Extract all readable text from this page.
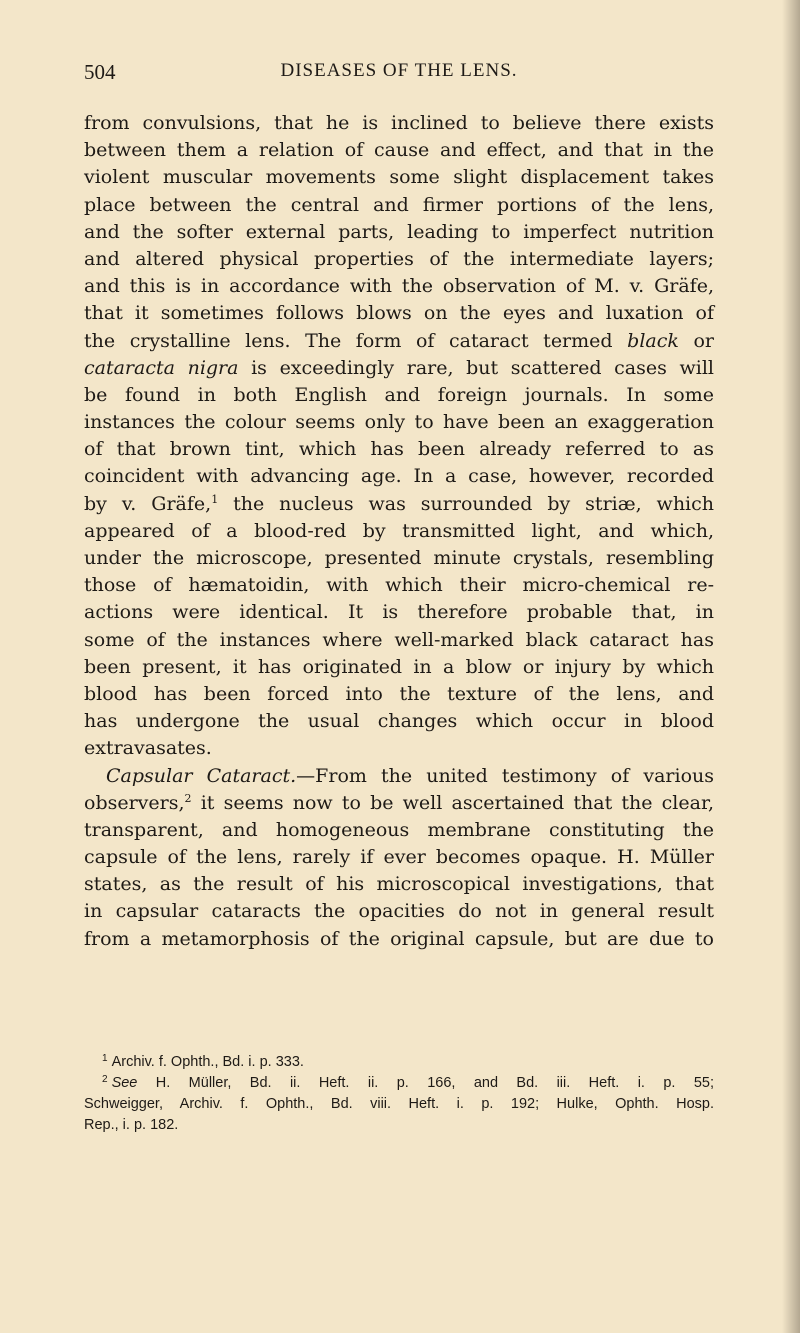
504	DISEASES OF THE LENS.
from convulsions, that he is inclined to believe there exists
between them a relation of cause and effect, and that in the
violent muscular movements some slight displacement takes
place between the central and firmer portions of the lens,
and the softer external parts, leading to imperfect nutrition
and altered physical properties of the intermediate layers;
and this is in accordance with the observation of M. v. Gräfe,
that it sometimes follows blows on the eyes and luxation of
the crystalline lens. The form of cataract termed black or
cataracta nigra is exceedingly rare, but scattered cases will
be found in both English and foreign journals. In some
instances the colour seems only to have been an exaggeration
of that brown tint, which has been already referred to as
coincident with advancing age. In a case, however, recorded
by v. Gräfe,$^1$ the nucleus was surrounded by striæ, which
appeared of a blood-red by transmitted light, and which,
under the microscope, presented minute crystals, resembling
those of hæmatoidin, with which their micro-chemical re-
actions were identical. It is therefore probable that, in
some of the instances where well-marked black cataract has
been present, it has originated in a blow or injury by which
blood has been forced into the texture of the lens, and
has undergone the usual changes which occur in blood
extravasates.
Capsular Cataract.—From the united testimony of various
observers,$^2$ it seems now to be well ascertained that the clear,
transparent, and homogeneous membrane constituting the
capsule of the lens, rarely if ever becomes opaque. H. Müller
states, as the result of his microscopical investigations, that
in capsular cataracts the opacities do not in general result
from a metamorphosis of the original capsule, but are due to
$^1$ Archiv. f. Ophth., Bd. i. p. 333.
$^2$ See H. Müller, Bd. ii. Heft. ii. p. 166, and Bd. iii. Heft. i. p. 55;
Schweigger, Archiv. f. Ophth., Bd. viii. Heft. i. p. 192; Hulke, Ophth. Hosp.
Rep., i. p. 182.
